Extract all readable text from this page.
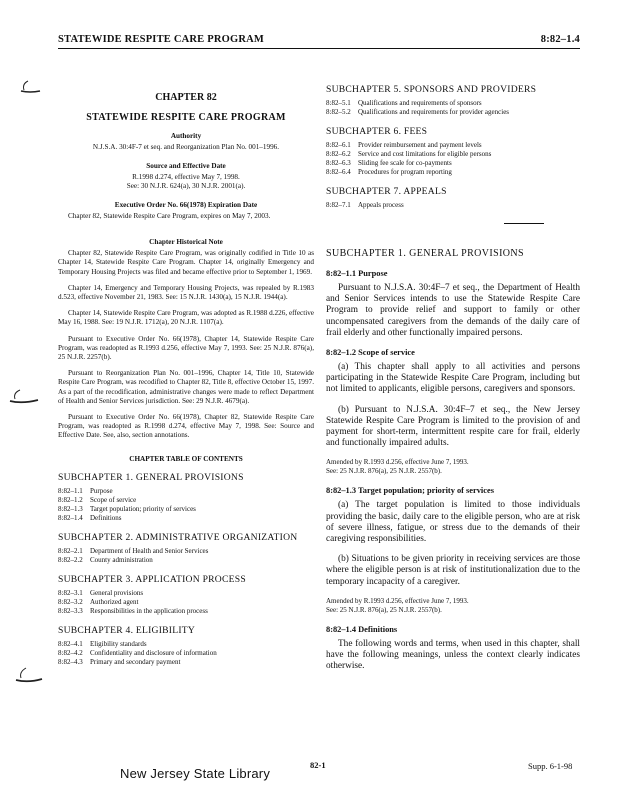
STATEWIDE RESPITE CARE PROGRAM	8:82–1.4
CHAPTER 82
STATEWIDE RESPITE CARE PROGRAM
Authority
N.J.S.A. 30:4F-7 et seq. and Reorganization Plan No. 001–1996.
Source and Effective Date
R.1998 d.274, effective May 7, 1998.
See: 30 N.J.R. 624(a), 30 N.J.R. 2001(a).
Executive Order No. 66(1978) Expiration Date

Chapter 82, Statewide Respite Care Program, expires on May 7, 2003.

Chapter Historical Note

Chapter 82, Statewide Respite Care Program, was originally codified in Title 10 as Chapter 14, Statewide Respite Care Program. Chapter 14, originally Emergency and Temporary Housing Projects was filed and became effective prior to September 1, 1969.

Chapter 14, Emergency and Temporary Housing Projects, was repealed by R.1983 d.523, effective November 21, 1983. See: 15 N.J.R. 1430(a), 15 N.J.R. 1944(a).

Chapter 14, Statewide Respite Care Program, was adopted as R.1988 d.226, effective May 16, 1988. See: 19 N.J.R. 1712(a), 20 N.J.R. 1107(a).

Pursuant to Executive Order No. 66(1978), Chapter 14, Statewide Respite Care Program, was readopted as R.1993 d.256, effective May 7, 1993. See: 25 N.J.R. 876(a), 25 N.J.R. 2257(b).

Pursuant to Reorganization Plan No. 001–1996, Chapter 14, Title 10, Statewide Respite Care Program, was recodified to Chapter 82, Title 8, effective October 15, 1997. As a part of the recodification, administrative changes were made to reflect Department of Health and Senior Services jurisdiction. See: 29 N.J.R. 4679(a).

Pursuant to Executive Order No. 66(1978), Chapter 82, Statewide Respite Care Program, was readopted as R.1998 d.274, effective May 7, 1998. See: Source and Effective Date. See, also, section annotations.

CHAPTER TABLE OF CONTENTS
SUBCHAPTER 1. GENERAL PROVISIONS
8:82–1.1	Purpose
8:82–1.2	Scope of service
8:82–1.3	Target population; priority of services
8:82–1.4	Definitions
SUBCHAPTER 2. ADMINISTRATIVE ORGANIZATION
8:82–2.1	Department of Health and Senior Services
8:82–2.2	County administration
SUBCHAPTER 3. APPLICATION PROCESS
8:82–3.1	General provisions
8:82–3.2	Authorized agent
8:82–3.3	Responsibilities in the application process
SUBCHAPTER 4. ELIGIBILITY
8:82–4.1	Eligibility standards
8:82–4.2	Confidentiality and disclosure of information
8:82–4.3	Primary and secondary payment
SUBCHAPTER 5. SPONSORS AND PROVIDERS
8:82–5.1	Qualifications and requirements of sponsors
8:82–5.2	Qualifications and requirements for provider agencies
SUBCHAPTER 6. FEES
8:82–6.1	Provider reimbursement and payment levels
8:82–6.2	Service and cost limitations for eligible persons
8:82–6.3	Sliding fee scale for co-payments
8:82–6.4	Procedures for program reporting
SUBCHAPTER 7. APPEALS
8:82–7.1	Appeals process
SUBCHAPTER 1. GENERAL PROVISIONS
8:82–1.1 Purpose

Pursuant to N.J.S.A. 30:4F–7 et seq., the Department of Health and Senior Services intends to use the Statewide Respite Care Program to provide relief and support to family or other uncompensated caregivers from the demands of the daily care of frail elderly and other functionally impaired persons.

8:82–1.2 Scope of service

(a) This chapter shall apply to all activities and persons participating in the Statewide Respite Care Program, including but not limited to applicants, eligible persons, caregivers and sponsors.

(b) Pursuant to N.J.S.A. 30:4F–7 et seq., the New Jersey Statewide Respite Care Program is limited to the provision of and payment for short-term, intermittent respite care for frail, elderly and functionally impaired adults.

Amended by R.1993 d.256, effective June 7, 1993.
See: 25 N.J.R. 876(a), 25 N.J.R. 2557(b).
8:82–1.3 Target population; priority of services

(a) The target population is limited to those individuals providing the basic, daily care to the eligible person, who are at risk of severe illness, fatigue, or stress due to the demands of their caregiving responsibilities.

(b) Situations to be given priority in receiving services are those where the eligible person is at risk of institutionalization due to the temporary incapacity of a caregiver.

Amended by R.1993 d.256, effective June 7, 1993.
See: 25 N.J.R. 876(a), 25 N.J.R. 2557(b).
8:82–1.4 Definitions

The following words and terms, when used in this chapter, shall have the following meanings, unless the context clearly indicates otherwise.

New Jersey State Library
82-1	Supp. 6-1-98
